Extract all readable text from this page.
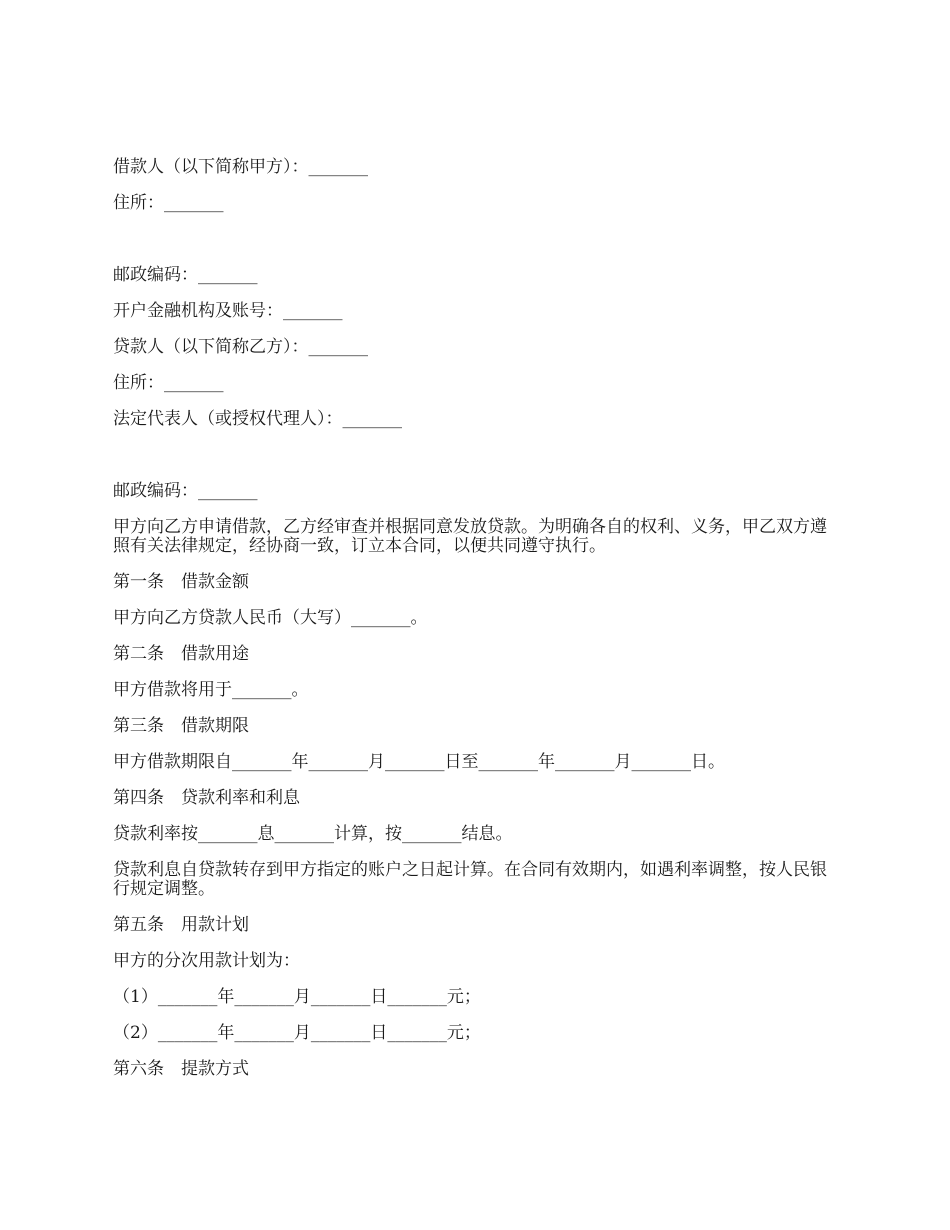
借款人（以下简称甲方）：_______

住所：_______

邮政编码：_______

开户金融机构及账号：_______

贷款人（以下简称乙方）：_______

住所：_______

法定代表人（或授权代理人）：_______

邮政编码：_______

甲方向乙方申请借款，乙方经审查并根据同意发放贷款。为明确各自的权利、义务，甲乙双方遵照有关法律规定，经协商一致，订立本合同，以便共同遵守执行。

第一条　借款金额

甲方向乙方贷款人民币（大写）_______。

第二条　借款用途

甲方借款将用于_______。

第三条　借款期限

甲方借款期限自_______年_______月_______日至_______年_______月_______日。

第四条　贷款利率和利息

贷款利率按_______息_______计算，按_______结息。

贷款利息自贷款转存到甲方指定的账户之日起计算。在合同有效期内，如遇利率调整，按人民银行规定调整。

第五条　用款计划

甲方的分次用款计划为：

（1）_______年_______月_______日_______元；

（2）_______年_______月_______日_______元；

第六条　提款方式
